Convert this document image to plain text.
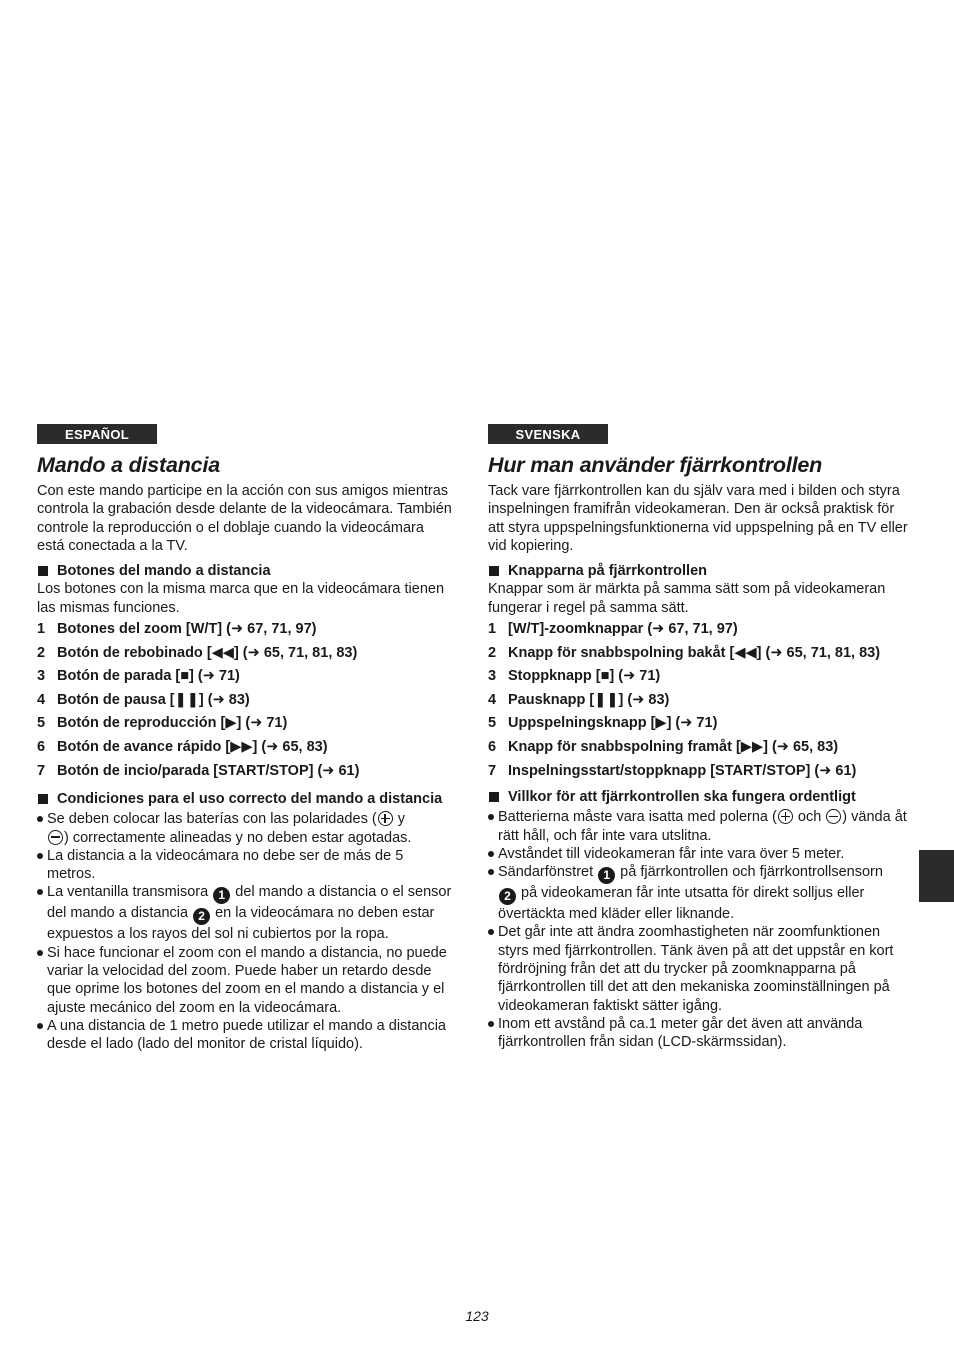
ESPAÑOL
Mando a distancia

Con este mando participe en la acción con sus amigos mientras controla la grabación desde delante de la videocámara. También controle la reproducción o el doblaje cuando la videocámara está conectada a la TV.

Botones del mando a distancia

Los botones con la misma marca que en la videocámara tienen las mismas funciones.

1 Botones del zoom [W/T] (➜ 67, 71, 97)
2 Botón de rebobinado [◀◀] (➜ 65, 71, 81, 83)
3 Botón de parada [■] (➜ 71)
4 Botón de pausa [❚❚] (➜ 83)
5 Botón de reproducción [▶] (➜ 71)
6 Botón de avance rápido [▶▶] (➜ 65, 83)
7 Botón de incio/parada [START/STOP] (➜ 61)
Condiciones para el uso correcto del mando a distancia
Se deben colocar las baterías con las polaridades ( y
) correctamente alineadas y no deben estar agotadas.
La distancia a la videocámara no debe ser de más de 5 metros.
La ventanilla transmisora 1 del mando a distancia o el sensor del mando a distancia 2 en la videocámara no deben estar expuestos a los rayos del sol ni cubiertos por la ropa.
Si hace funcionar el zoom con el mando a distancia, no puede variar la velocidad del zoom. Puede haber un retardo desde que oprime los botones del zoom en el mando a distancia y el ajuste mecánico del zoom en la videocámara.
A una distancia de 1 metro puede utilizar el mando a distancia desde el lado (lado del monitor de cristal líquido).
SVENSKA
Hur man använder fjärrkontrollen

Tack vare fjärrkontrollen kan du själv vara med i bilden och styra inspelningen framifrån videokameran. Den är också praktisk för att styra uppspelningsfunktionerna vid uppspelning på en TV eller vid kopiering.

Knapparna på fjärrkontrollen

Knappar som är märkta på samma sätt som på videokameran fungerar i regel på samma sätt.

1 [W/T]-zoomknappar (➜ 67, 71, 97)
2 Knapp för snabbspolning bakåt [◀◀] (➜ 65, 71, 81, 83)
3 Stoppknapp [■] (➜ 71)
4 Pausknapp [❚❚] (➜ 83)
5 Uppspelningsknapp [▶] (➜ 71)
6 Knapp för snabbspolning framåt [▶▶] (➜ 65, 83)
7 Inspelningsstart/stoppknapp [START/STOP] (➜ 61)
Villkor för att fjärrkontrollen ska fungera ordentligt
Batterierna måste vara isatta med polerna ( och ) vända åt rätt håll, och får inte vara utslitna.
Avståndet till videokameran får inte vara över 5 meter.
Sändarfönstret 1 på fjärrkontrollen och fjärrkontrollsensorn
2 på videokameran får inte utsatta för direkt solljus eller övertäckta med kläder eller liknande.
Det går inte att ändra zoomhastigheten när zoomfunktionen styrs med fjärrkontrollen. Tänk även på att det uppstår en kort fördröjning från det att du trycker på zoomknapparna på fjärrkontrollen till det att den mekaniska zoominställningen på videokameran faktiskt sätter igång.
Inom ett avstånd på ca.1 meter går det även att använda fjärrkontrollen från sidan (LCD-skärmssidan).
123
